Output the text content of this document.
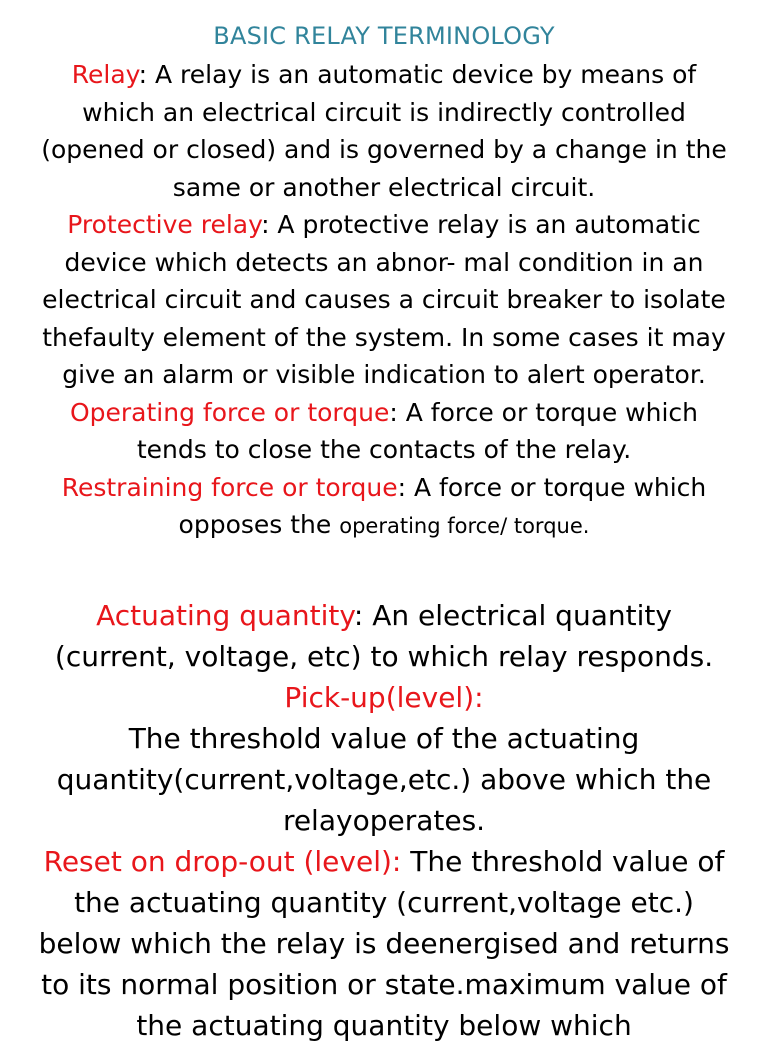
BASIC RELAY TERMINOLOGY

Relay: A relay is an automatic device by means of which an electrical circuit is indirectly controlled (opened or closed) and is governed by a change in the same or another electrical circuit.

Protective relay: A protective relay is an automatic device which detects an abnor- mal condition in an electrical circuit and causes a circuit breaker to isolate thefaulty element of the system. In some cases it may give an alarm or visible indication to alert operator. Operating force or torque: A force or torque which tends to close the contacts of the relay.

Restraining force or torque: A force or torque which opposes the operating force/ torque.

Actuating quantity: An electrical quantity (current, voltage, etc) to which relay responds.

Pick-up(level):

The threshold value of the actuating quantity(current,voltage,etc.) above which the relayoperates.

Reset on drop-out (level): The threshold value of the actuating quantity (current,voltage etc.) below which the relay is deenergised and returns to its normal position or state.maximum value of the actuating quantity below which
